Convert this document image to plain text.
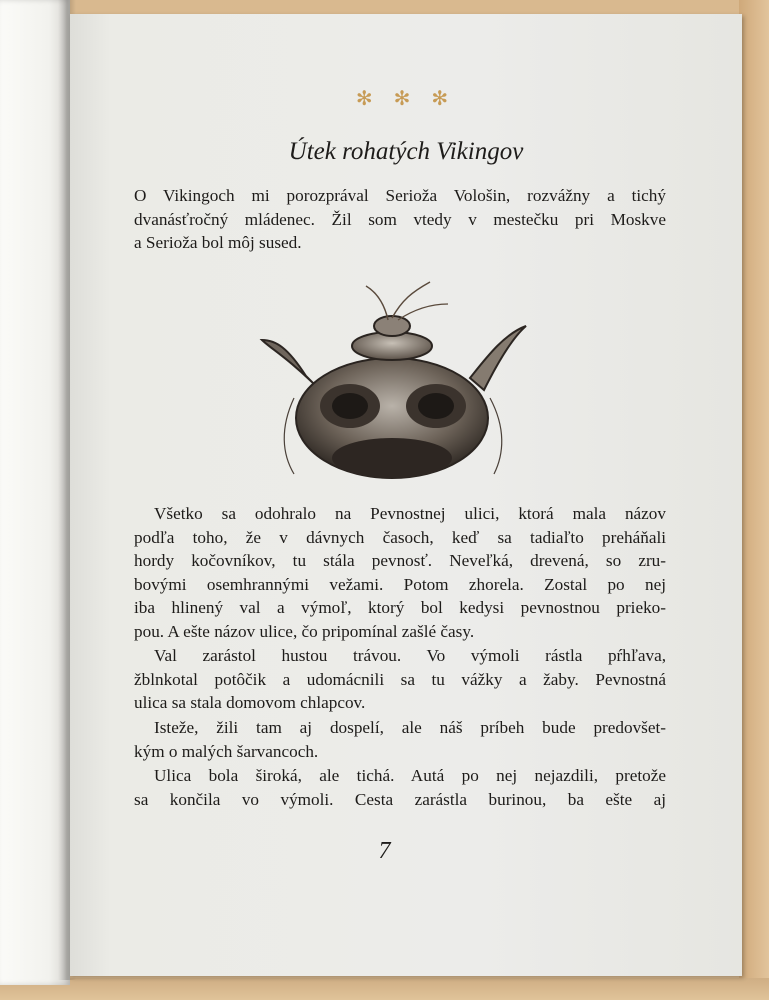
✻ ✻ ✻
Útek rohatých Vikingov
O Vikingoch mi porozprával Serioža Vološin, rozvážny a tichý
dvanásťročný mládenec. Žil som vtedy v mestečku pri Moskve
a Serioža bol môj sused.
Všetko sa odohralo na Pevnostnej ulici, ktorá mala názov
podľa toho, že v dávnych časoch, keď sa tadiaľto preháňali
hordy kočovníkov, tu stála pevnosť. Neveľká, drevená, so zru-
bovými osemhrannými vežami. Potom zhorela. Zostal po nej
iba hlinený val a výmoľ, ktorý bol kedysi pevnostnou prieko-
pou. A ešte názov ulice, čo pripomínal zašlé časy.
Val zarástol hustou trávou. Vo výmoli rástla pŕhľava,
žblnkotal potôčik a udomácnili sa tu vážky a žaby. Pevnostná
ulica sa stala domovom chlapcov.
Isteže, žili tam aj dospelí, ale náš príbeh bude predovšet-
kým o malých šarvancoch.
Ulica bola široká, ale tichá. Autá po nej nejazdili, pretože
sa končila vo výmoli. Cesta zarástla burinou, ba ešte aj
7
